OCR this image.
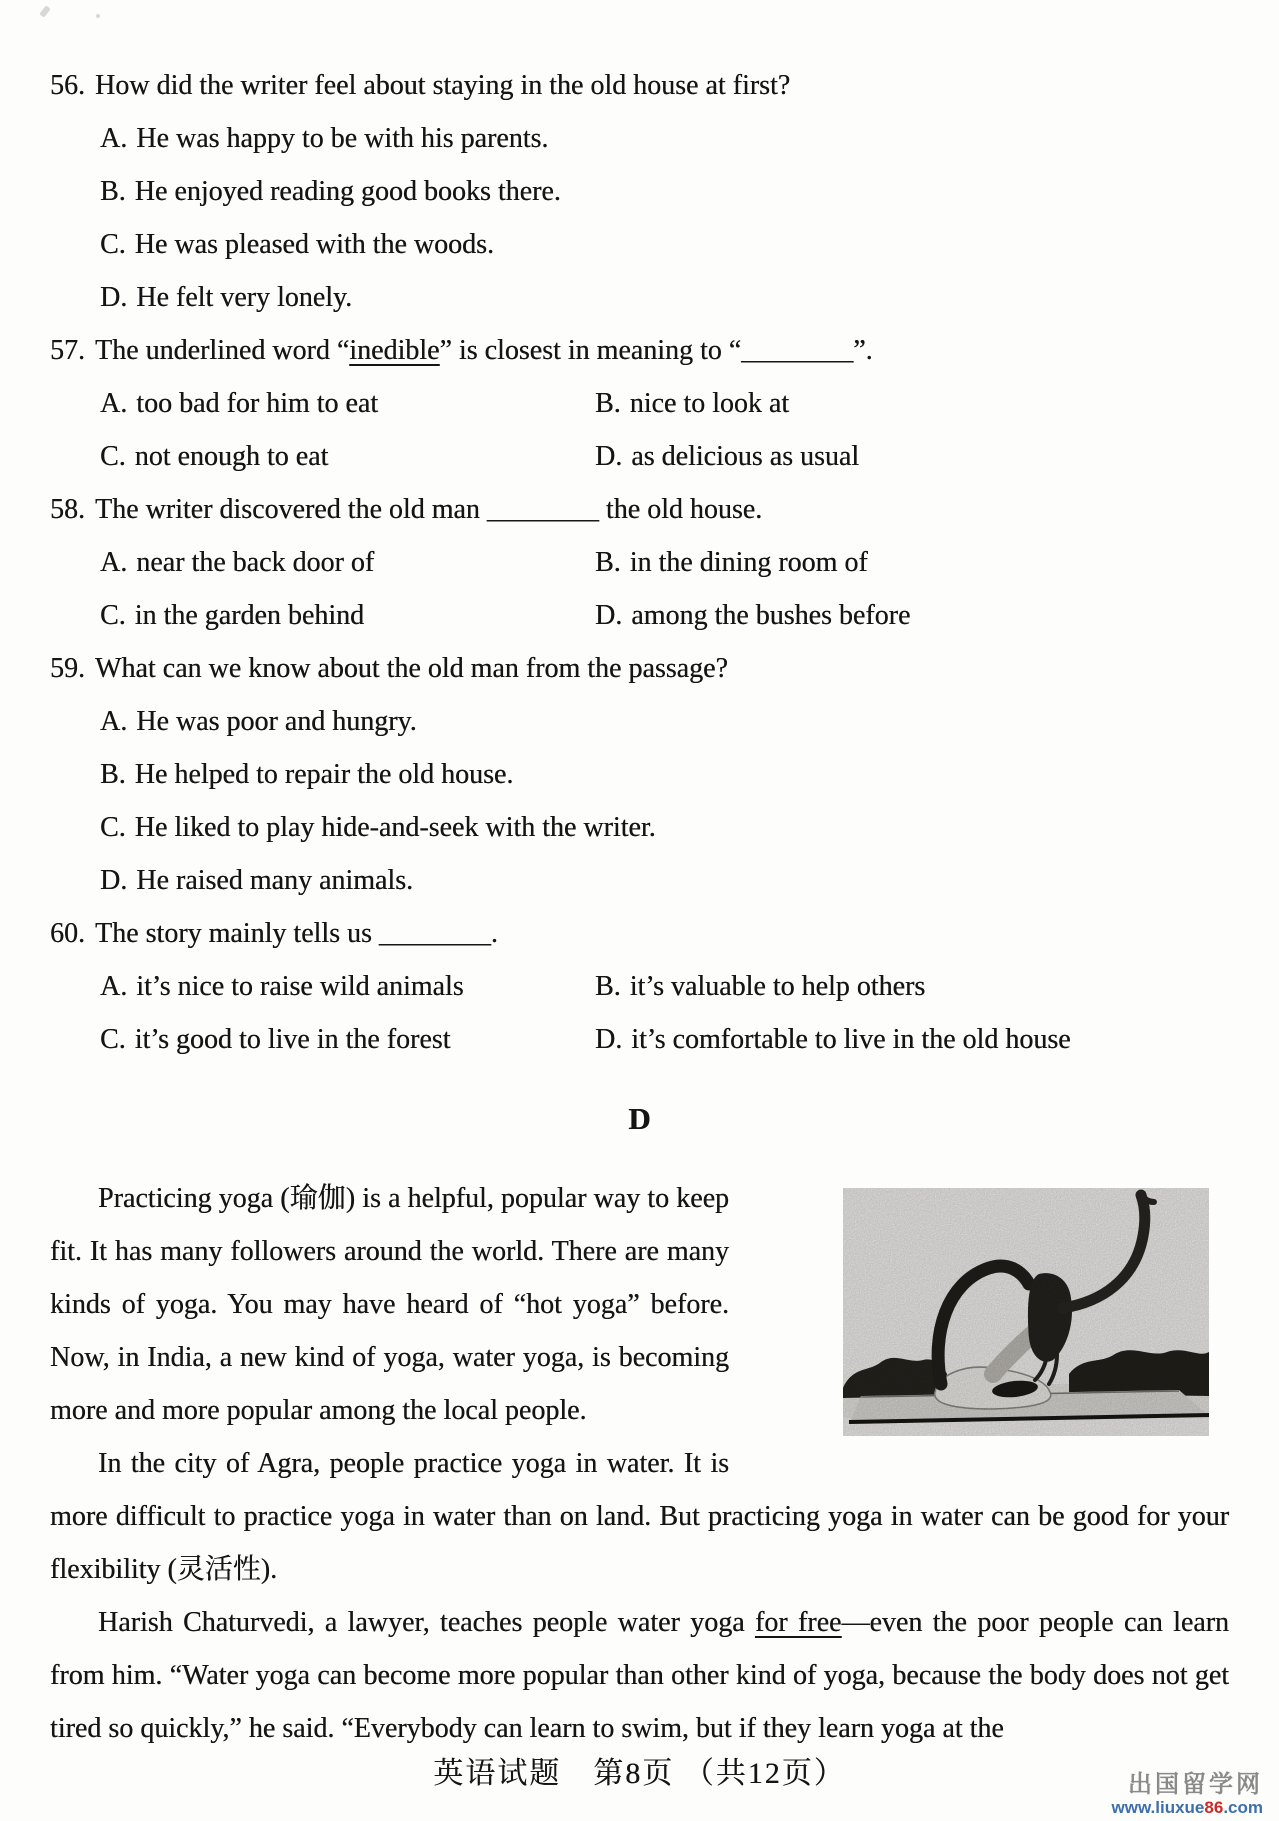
56. How did the writer feel about staying in the old house at first?
A. He was happy to be with his parents.
B. He enjoyed reading good books there.
C. He was pleased with the woods.
D. He felt very lonely.
57. The underlined word “inedible” is closest in meaning to “________”.
A. too bad for him to eat	B. nice to look at
C. not enough to eat	D. as delicious as usual
58. The writer discovered the old man ________ the old house.
A. near the back door of	B. in the dining room of
C. in the garden behind	D. among the bushes before
59. What can we know about the old man from the passage?
A. He was poor and hungry.
B. He helped to repair the old house.
C. He liked to play hide-and-seek with the writer.
D. He raised many animals.
60. The story mainly tells us ________.
A. it’s nice to raise wild animals	B. it’s valuable to help others
C. it’s good to live in the forest	D. it’s comfortable to live in the old house
D

Practicing yoga (瑜伽) is a helpful, popular way to keep fit. It has many followers around the world. There are many kinds of yoga. You may have heard of “hot yoga” before. Now, in India, a new kind of yoga, water yoga, is becoming more and more popular among the local people.

In the city of Agra, people practice yoga in water. It is more difficult to practice yoga in water than on land. But practicing yoga in water can be good for your flexibility (灵活性).

Harish Chaturvedi, a lawyer, teaches people water yoga for free—even the poor people can learn from him. “Water yoga can become more popular than other kind of yoga, because the body does not get tired so quickly,” he said. “Everybody can learn to swim, but if they learn yoga at the

英语试题　第8页 （共12页）	出国留学网
www.liuxue86.com
